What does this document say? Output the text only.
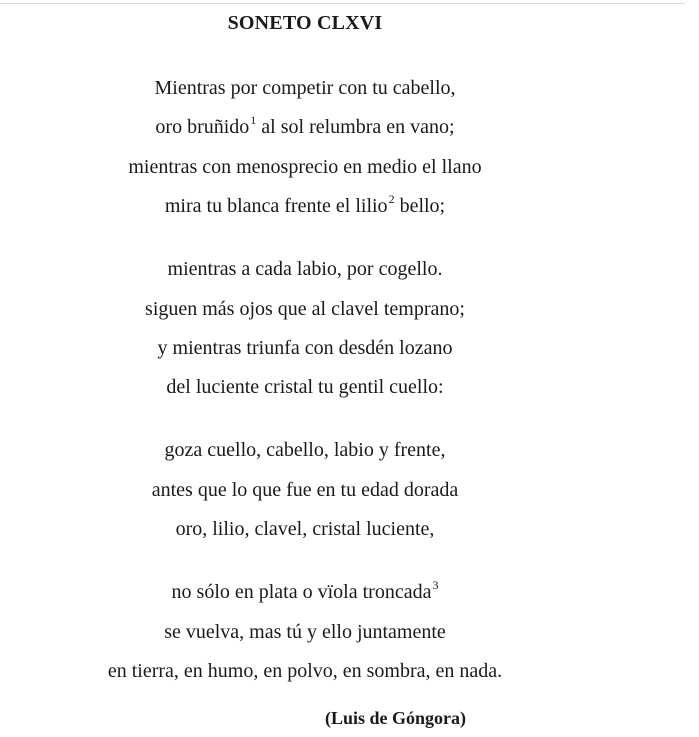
SONETO CLXVI
Mientras por competir con tu cabello,
oro bruñido$^1$ al sol relumbra en vano;
mientras con menosprecio en medio el llano
mira tu blanca frente el lilio$^2$ bello;
mientras a cada labio, por cogello.
siguen más ojos que al clavel temprano;
y mientras triunfa con desdén lozano
del luciente cristal tu gentil cuello:
goza cuello, cabello, labio y frente,
antes que lo que fue en tu edad dorada
oro, lilio, clavel, cristal luciente,
no sólo en plata o vïola troncada$^3$
se vuelva, mas tú y ello juntamente
en tierra, en humo, en polvo, en sombra, en nada.
(Luis de Góngora)
